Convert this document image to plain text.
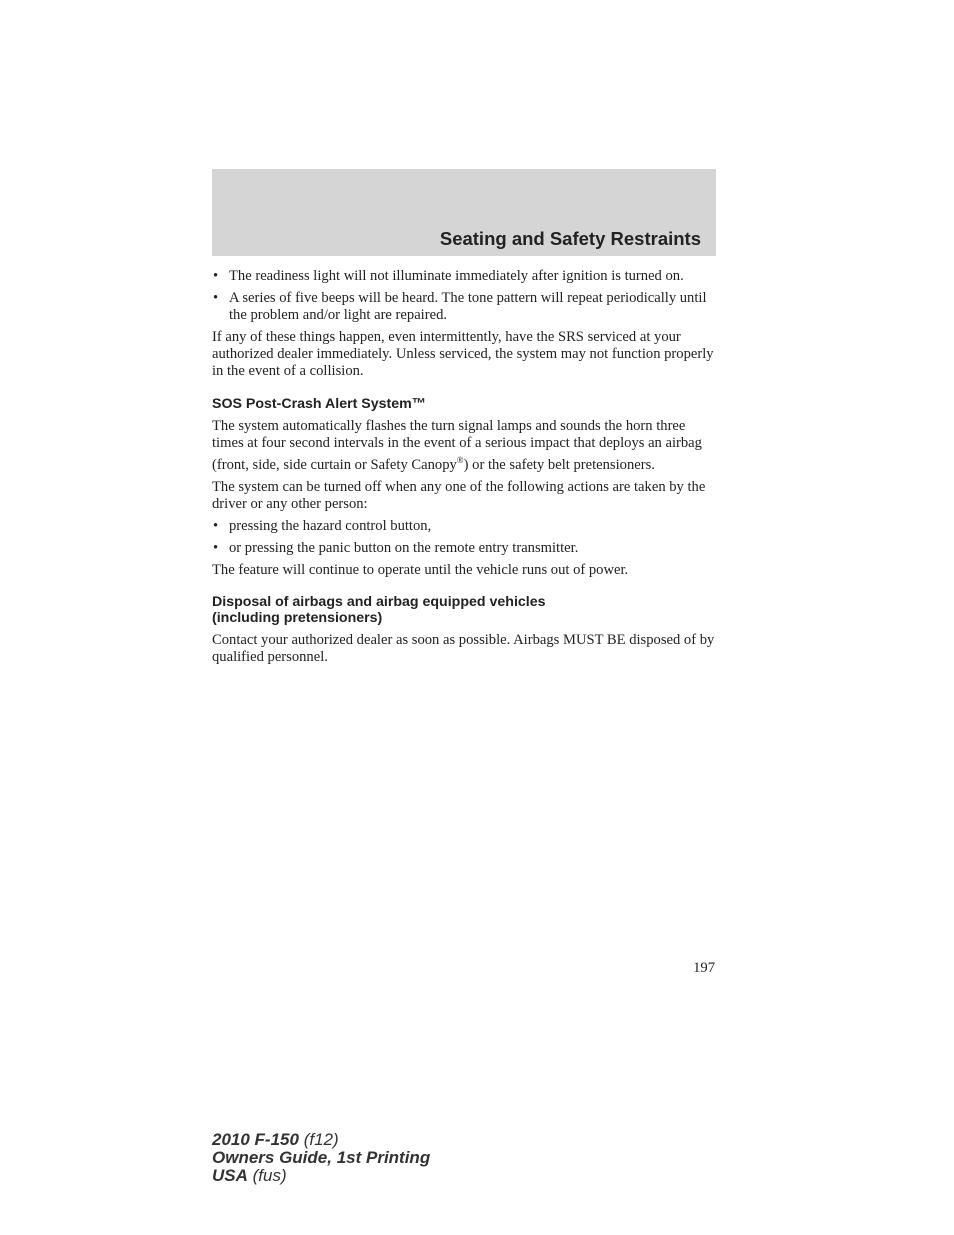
Seating and Safety Restraints
• The readiness light will not illuminate immediately after ignition is turned on.
• A series of five beeps will be heard. The tone pattern will repeat periodically until the problem and/or light are repaired.

If any of these things happen, even intermittently, have the SRS serviced at your authorized dealer immediately. Unless serviced, the system may not function properly in the event of a collision.

SOS Post-Crash Alert System™

The system automatically flashes the turn signal lamps and sounds the horn three times at four second intervals in the event of a serious impact that deploys an airbag (front, side, side curtain or Safety Canopy®) or the safety belt pretensioners.

The system can be turned off when any one of the following actions are taken by the driver or any other person:

• pressing the hazard control button,
• or pressing the panic button on the remote entry transmitter.

The feature will continue to operate until the vehicle runs out of power.

Disposal of airbags and airbag equipped vehicles
(including pretensioners)

Contact your authorized dealer as soon as possible. Airbags MUST BE disposed of by qualified personnel.

197
2010 F-150 (f12)
Owners Guide, 1st Printing
USA (fus)
